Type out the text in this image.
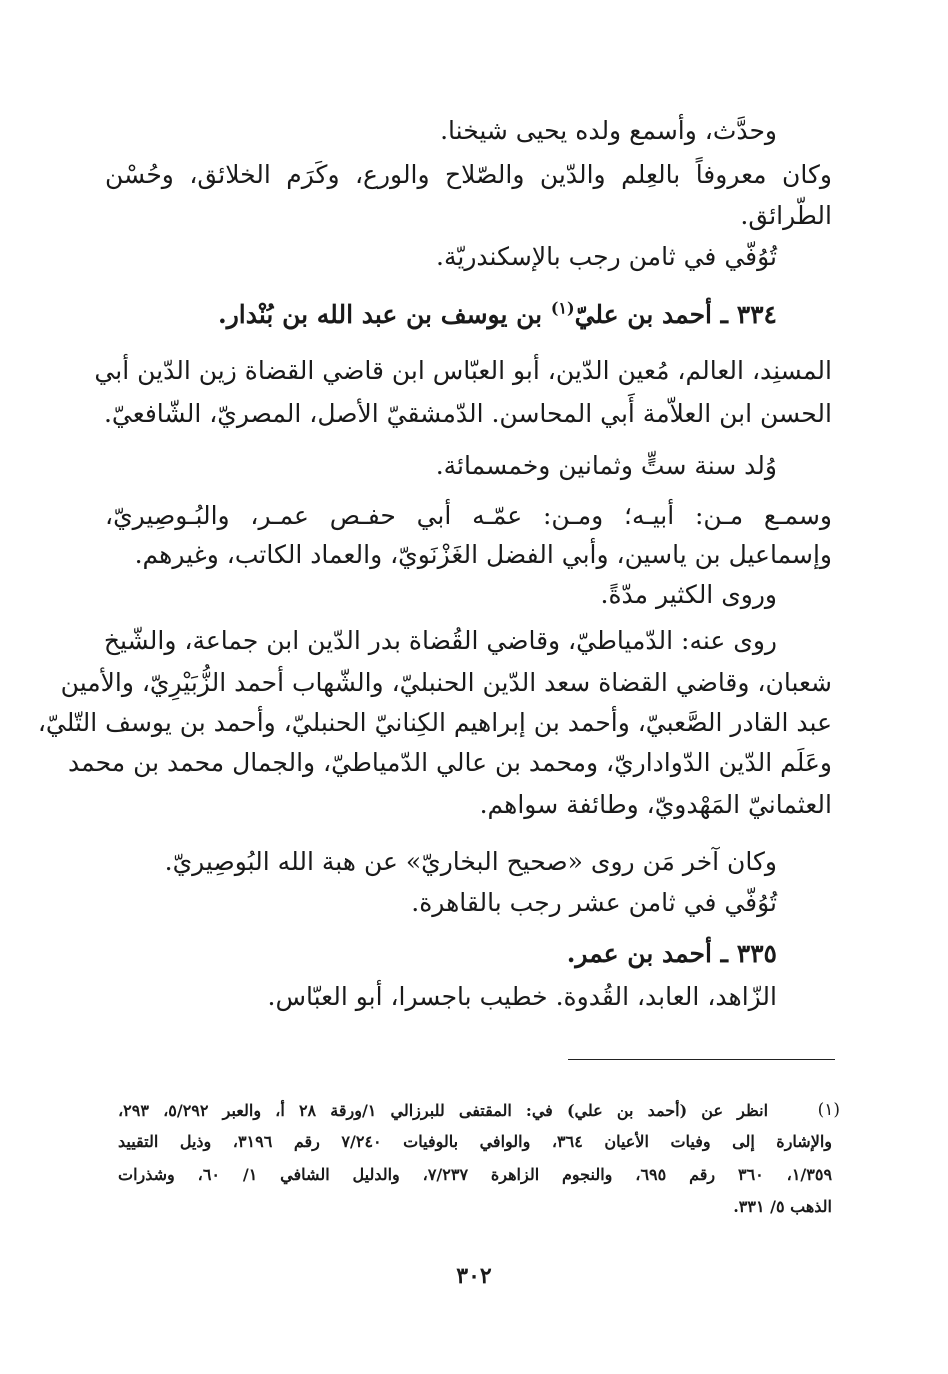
وحدَّث، وأسمع ولده يحيى شيخنا.
وكان معروفاً بالعِلم والدّين والصّلاح والورع، وكَرَم الخلائق، وحُسْن
الطّرائق.
تُوُفّي في ثامن رجب بالإسكندريّة.
٣٣٤ ـ أحمد بن عليّ$^{(١)}$ بن يوسف بن عبد الله بن بُنْدار.
المسنِد، العالم، مُعين الدّين، أبو العبّاس ابن قاضي القضاة زين الدّين أبي
الحسن ابن العلاّمة أَبي المحاسن. الدّمشقيّ الأصل، المصريّ، الشّافعيّ.
وُلد سنة ستٍّ وثمانين وخمسمائة.
وسمـع مـن: أبيـه؛ ومـن: عمّـه أبي حفـص عمـر، والبُـوصِيريّ،
وإسماعيل بن ياسين، وأبي الفضل الغَزْنَويّ، والعماد الكاتب، وغيرهم.
وروى الكثير مدّةً.
روى عنه: الدّمياطيّ، وقاضي القُضاة بدر الدّين ابن جماعة، والشّيخ
شعبان، وقاضي القضاة سعد الدّين الحنبليّ، والشّهاب أحمد الزُّبَيْرِيّ، والأمين
عبد القادر الصَّعبيّ، وأحمد بن إبراهيم الكِنانيّ الحنبليّ، وأحمد بن يوسف التّليّ،
وعَلَم الدّين الدّواداريّ، ومحمد بن عالي الدّمياطيّ، والجمال محمد بن محمد
العثمانيّ المَهْدويّ، وطائفة سواهم.
وكان آخر مَن روى «صحيح البخاريّ» عن هبة الله البُوصِيريّ.
تُوُفّي في ثامن عشر رجب بالقاهرة.
٣٣٥ ـ أحمد بن عمر.
الزّاهد، العابد، القُدوة. خطيب باجسرا، أبو العبّاس.
(١)
انظر عن (أحمد بن علي) في: المقتفى للبرزالي ١/ورقة ٢٨ أ، والعبر ٥/٢٩٢، ٢٩٣،
والإشارة إلى وفيات الأعيان ٣٦٤، والوافي بالوفيات ٧/٢٤٠ رقم ٣١٩٦، وذيل التقييد
١/٣٥٩، ٣٦٠ رقم ٦٩٥، والنجوم الزاهرة ٧/٢٣٧، والدليل الشافي ١/ ٦٠، وشذرات
الذهب ٥/ ٣٣١.
٣٠٢
